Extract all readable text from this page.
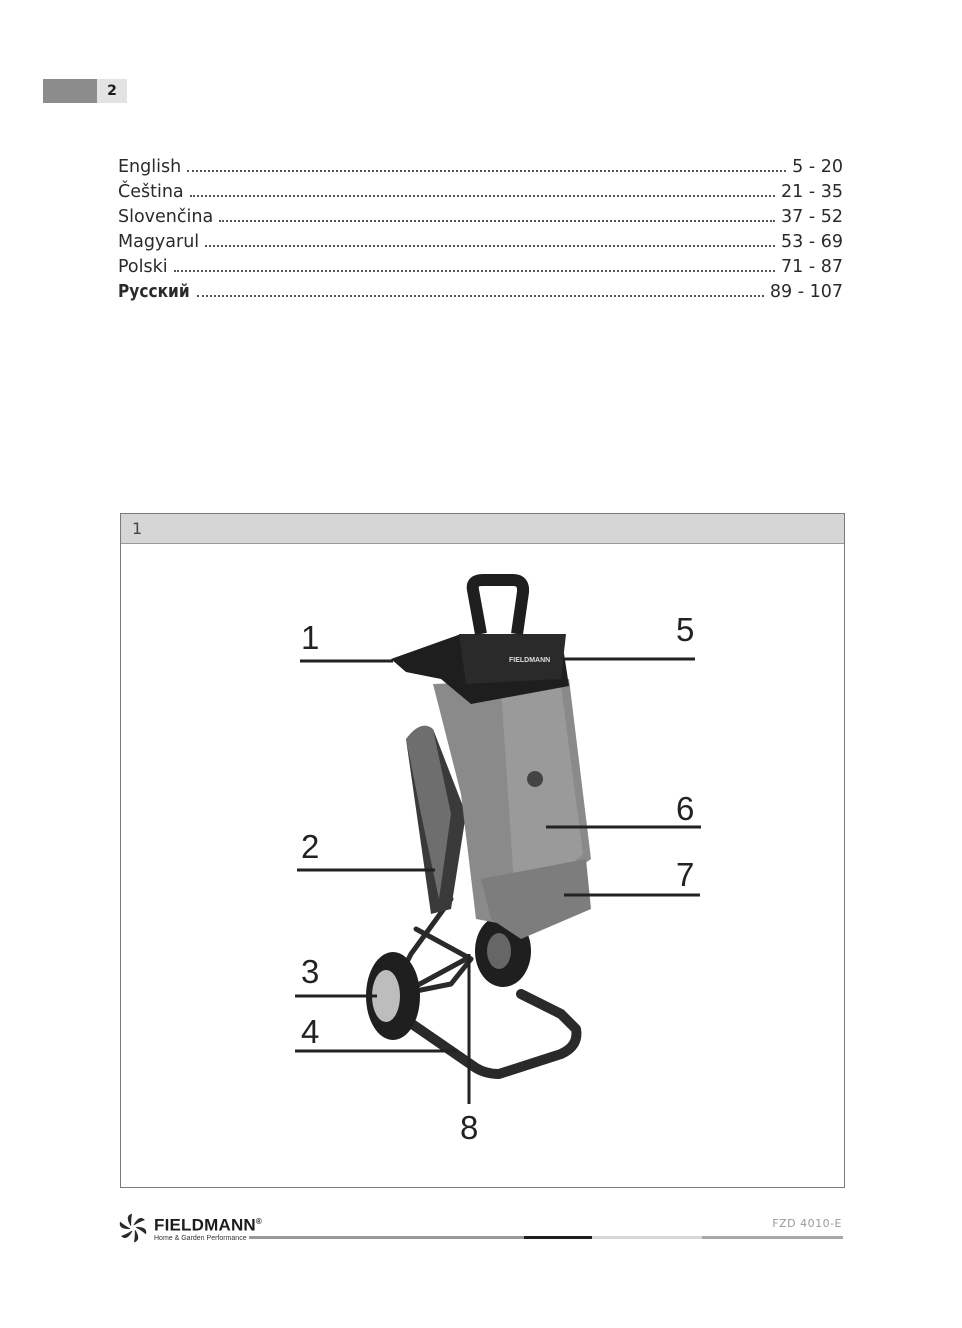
2
English	5 - 20
Čeština	21 - 35
Slovenčina	37 - 52
Magyarul	53 - 69
Polski	71 - 87
Русский	89 - 107
1
FIELDMANN
1
2
3
4
5
6
7
8
FIELDMANN®
Home & Garden Performance
FZD 4010-E
